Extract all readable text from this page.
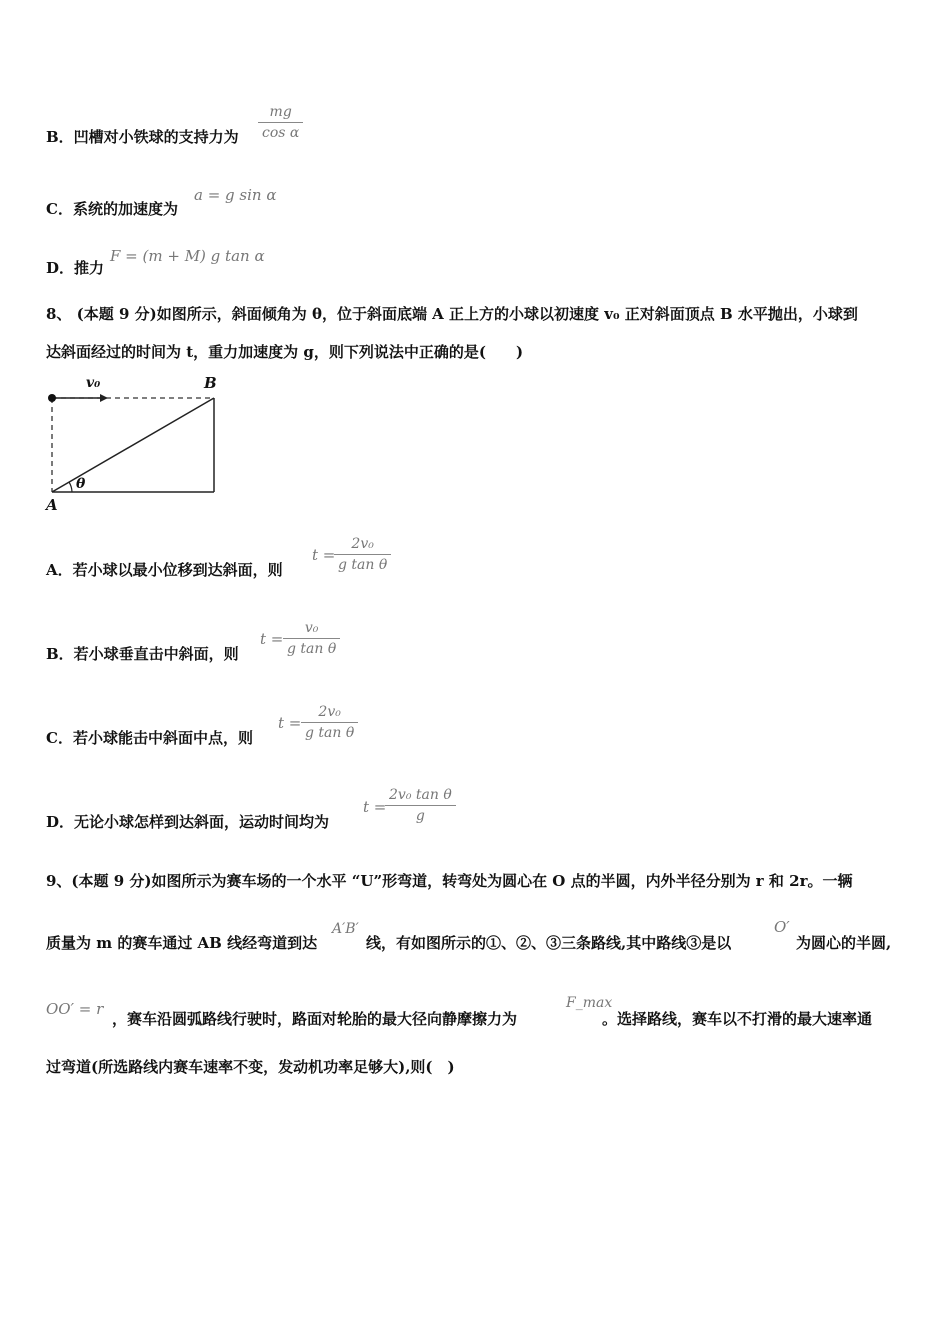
B．凹槽对小铁球的支持力为 $\frac{mg}{\text{cos α}}$
C．系统的加速度为
a = g sin α
D．推力
F = (m + M) g tan α
8、 (本题 9 分)如图所示，斜面倾角为 θ，位于斜面底端 A 正上方的小球以初速度 v₀ 正对斜面顶点 B 水平抛出，小球到
达斜面经过的时间为 t，重力加速度为 g，则下列说法中正确的是(　　)
v₀	B
A
θ
A．若小球以最小位移到达斜面，则
t =
$\frac{\text{2v₀}}{\text{g tan θ}}$
B．若小球垂直击中斜面，则
$t = \frac{\text{v₀}}{\text{g tan θ}}$
C．若小球能击中斜面中点，则
$t = \frac{\text{2v₀}}{\text{g tan θ}}$
D．无论小球怎样到达斜面，运动时间均为
t =
$\frac{\text{2v₀ tan θ}}{g}$
9、(本题 9 分)如图所示为赛车场的一个水平 “U”形弯道，转弯处为圆心在 O 点的半圆，内外半径分别为 r 和 2r。一辆
质量为 m 的赛车通过 AB 线经弯道到达
A′B′
线，有如图所示的①、②、③三条路线,其中路线③是以
O′
为圆心的半圆,
OO′ = r
，赛车沿圆弧路线行驶时，路面对轮胎的最大径向静摩擦力为
F_max
。选择路线，赛车以不打滑的最大速率通
过弯道(所选路线内赛车速率不变，发动机功率足够大),则(　)
